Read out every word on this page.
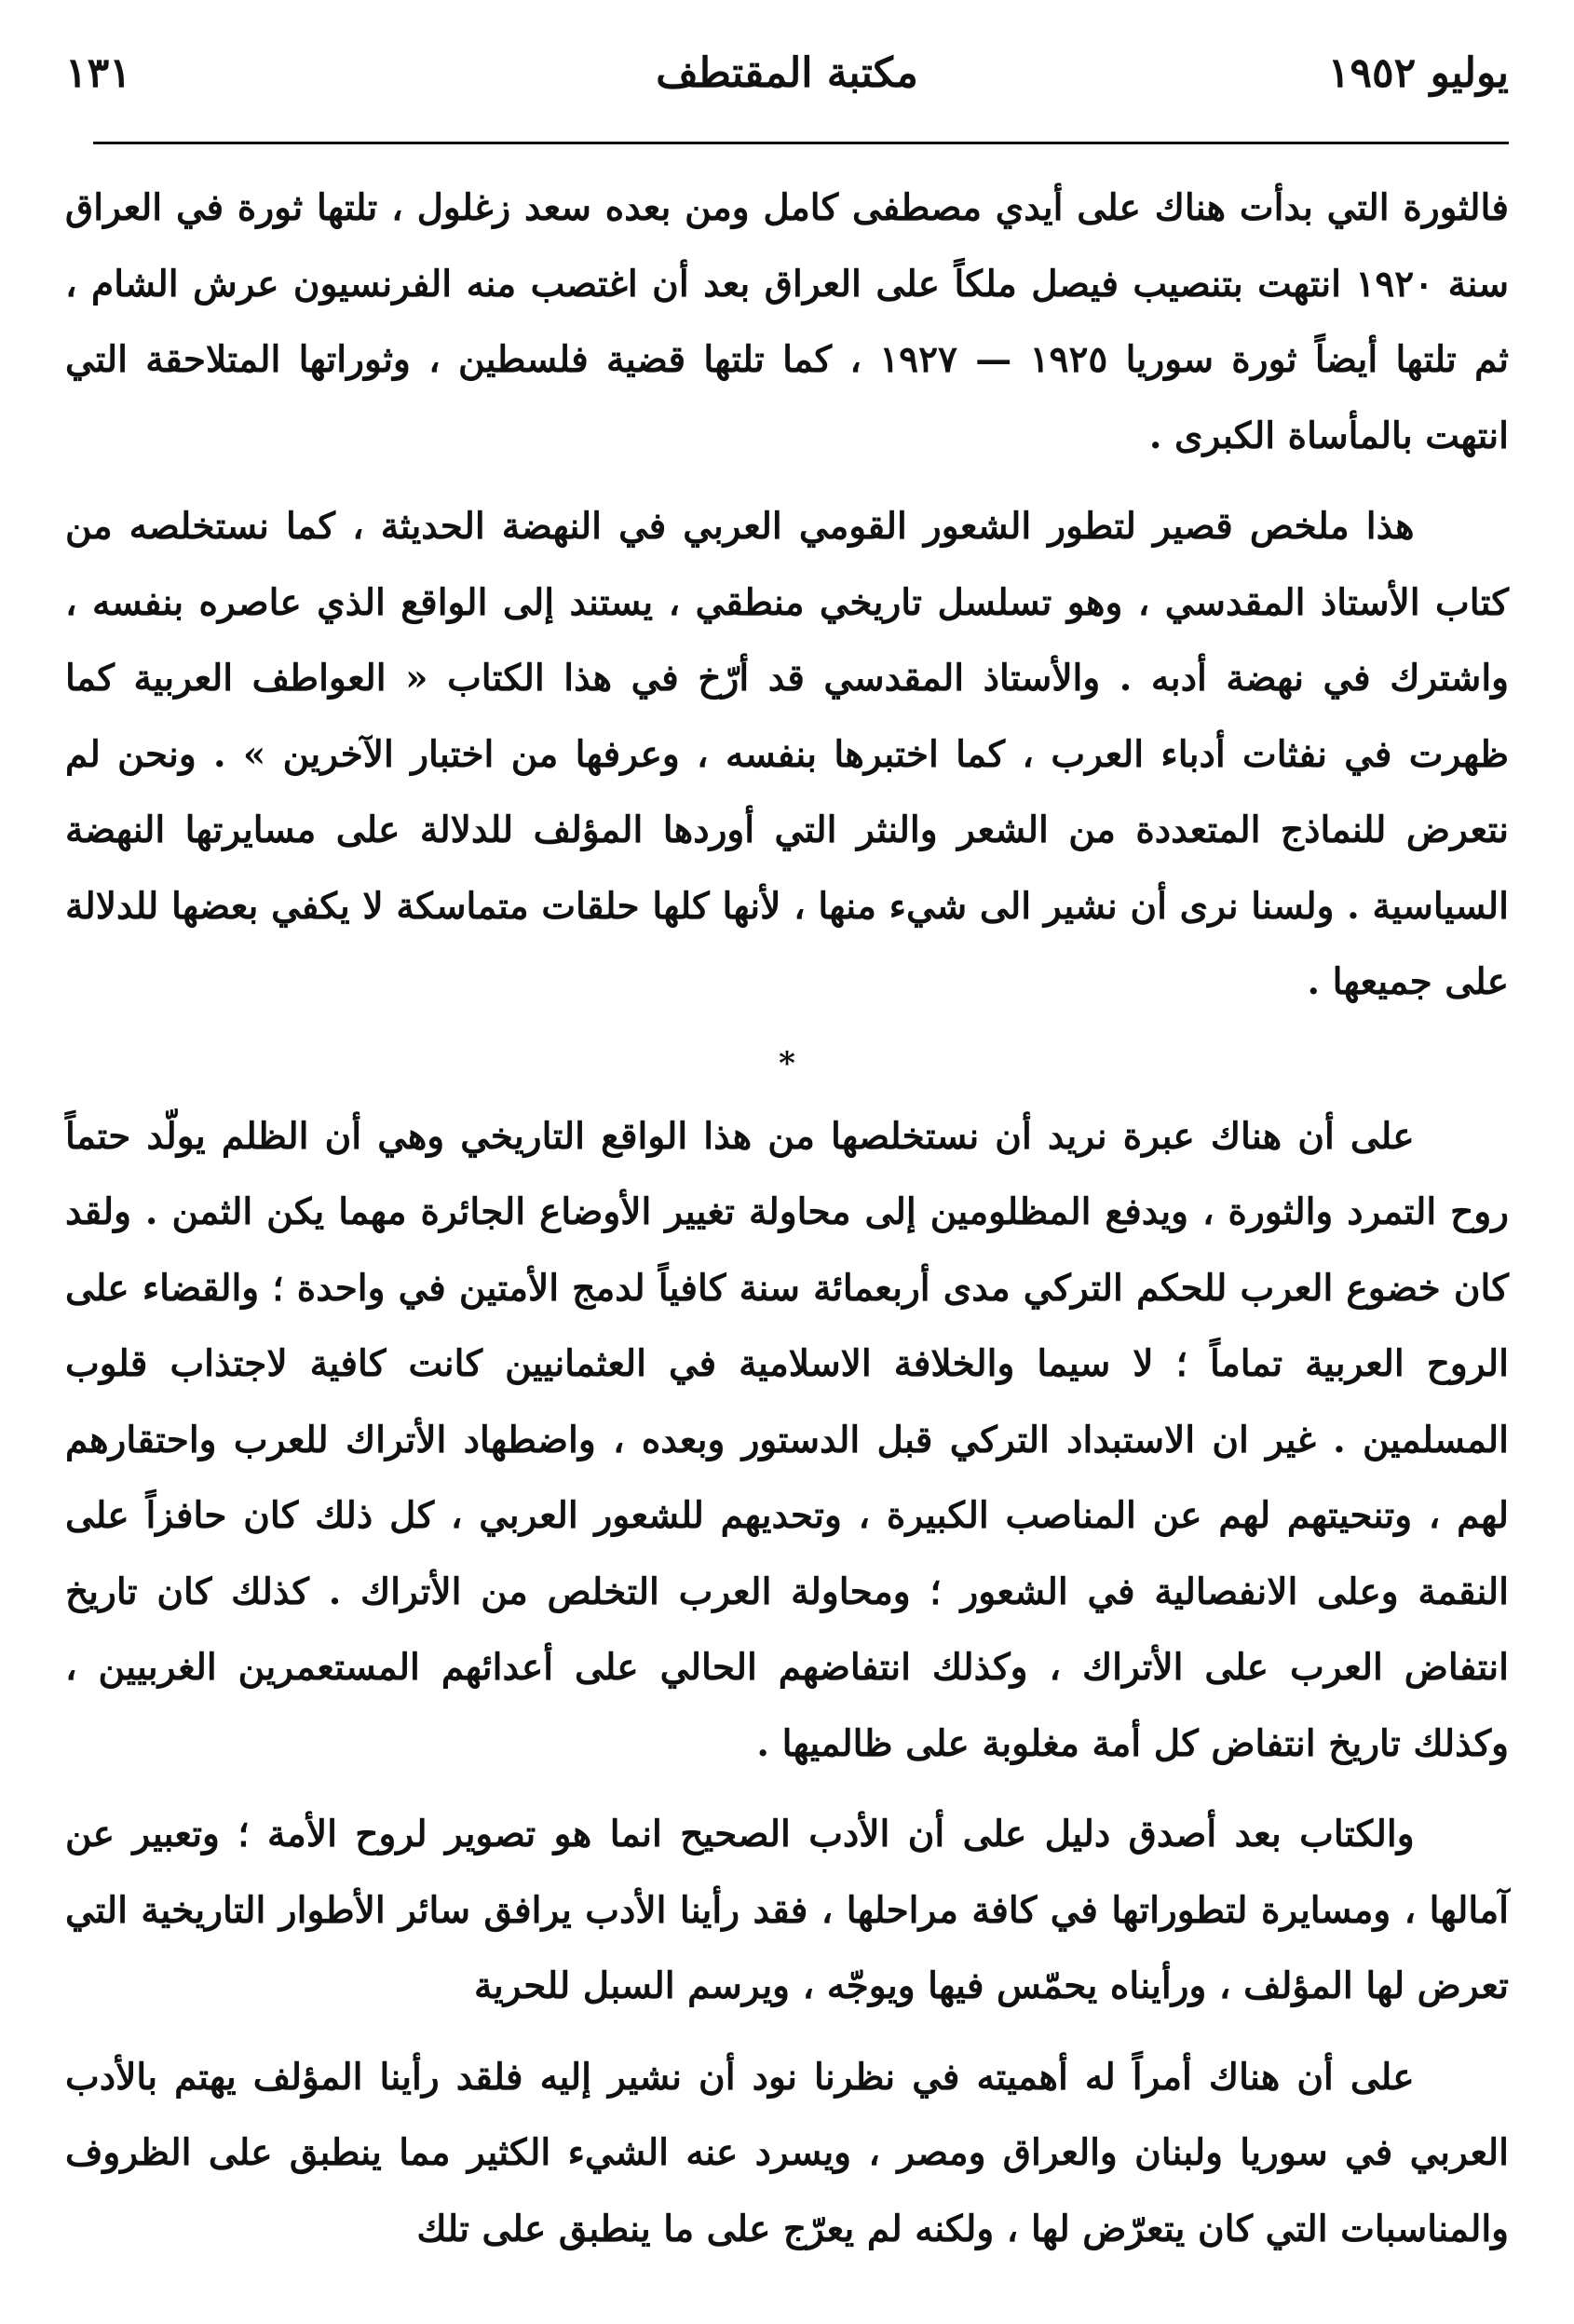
يوليو ١٩٥٢
مكتبة المقتطف
١٣١

فالثورة التي بدأت هناك على أيدي مصطفى كامل ومن بعده سعد زغلول ، تلتها ثورة في العراق سنة ١٩٢٠ انتهت بتنصيب فيصل ملكاً على العراق بعد أن اغتصب منه الفرنسيون عرش الشام ، ثم تلتها أيضاً ثورة سوريا ١٩٢٥ — ١٩٢٧ ، كما تلتها قضية فلسطين ، وثوراتها المتلاحقة التي انتهت بالمأساة الكبرى .

هذا ملخص قصير لتطور الشعور القومي العربي في النهضة الحديثة ، كما نستخلصه من كتاب الأستاذ المقدسي ، وهو تسلسل تاريخي منطقي ، يستند إلى الواقع الذي عاصره بنفسه ، واشترك في نهضة أدبه . والأستاذ المقدسي قد أرّخ في هذا الكتاب « العواطف العربية كما ظهرت في نفثات أدباء العرب ، كما اختبرها بنفسه ، وعرفها من اختبار الآخرين » . ونحن لم نتعرض للنماذج المتعددة من الشعر والنثر التي أوردها المؤلف للدلالة على مسايرتها النهضة السياسية . ولسنا نرى أن نشير الى شيء منها ، لأنها كلها حلقات متماسكة لا يكفي بعضها للدلالة على جميعها .

*

على أن هناك عبرة نريد أن نستخلصها من هذا الواقع التاريخي وهي أن الظلم يولّد حتماً روح التمرد والثورة ، ويدفع المظلومين إلى محاولة تغيير الأوضاع الجائرة مهما يكن الثمن . ولقد كان خضوع العرب للحكم التركي مدى أربعمائة سنة كافياً لدمج الأمتين في واحدة ؛ والقضاء على الروح العربية تماماً ؛ لا سيما والخلافة الاسلامية في العثمانيين كانت كافية لاجتذاب قلوب المسلمين . غير ان الاستبداد التركي قبل الدستور وبعده ، واضطهاد الأتراك للعرب واحتقارهم لهم ، وتنحيتهم لهم عن المناصب الكبيرة ، وتحديهم للشعور العربي ، كل ذلك كان حافزاً على النقمة وعلى الانفصالية في الشعور ؛ ومحاولة العرب التخلص من الأتراك . كذلك كان تاريخ انتفاض العرب على الأتراك ، وكذلك انتفاضهم الحالي على أعدائهم المستعمرين الغربيين ، وكذلك تاريخ انتفاض كل أمة مغلوبة على ظالميها .

والكتاب بعد أصدق دليل على أن الأدب الصحيح انما هو تصوير لروح الأمة ؛ وتعبير عن آمالها ، ومسايرة لتطوراتها في كافة مراحلها ، فقد رأينا الأدب يرافق سائر الأطوار التاريخية التي تعرض لها المؤلف ، ورأيناه يحمّس فيها ويوجّه ، ويرسم السبل للحرية

على أن هناك أمراً له أهميته في نظرنا نود أن نشير إليه فلقد رأينا المؤلف يهتم بالأدب العربي في سوريا ولبنان والعراق ومصر ، ويسرد عنه الشيء الكثير مما ينطبق على الظروف والمناسبات التي كان يتعرّض لها ، ولكنه لم يعرّج على ما ينطبق على تلك
